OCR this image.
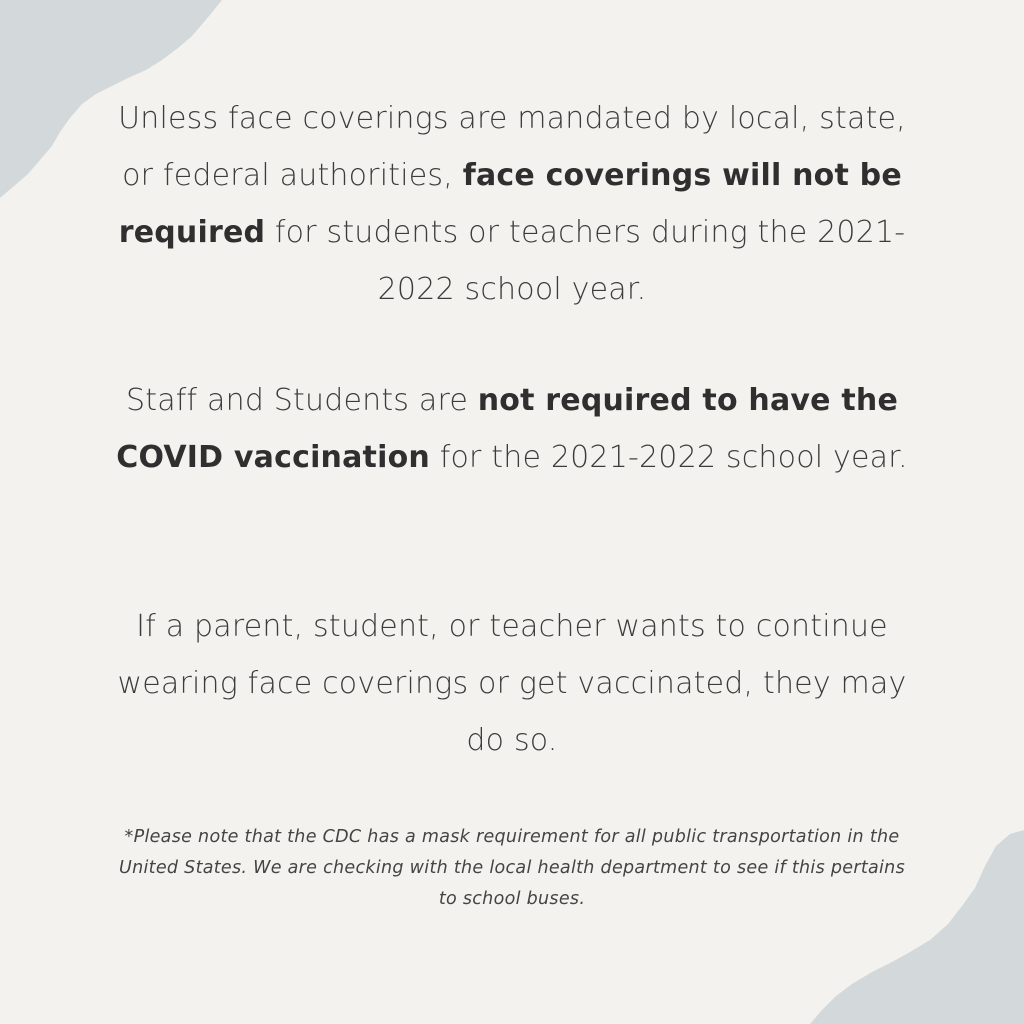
Unless face coverings are mandated by local, state, or federal authorities, face coverings will not be required for students or teachers during the 2021-2022 school year.
Staff and Students are not required to have the COVID vaccination for the 2021-2022 school year.
If a parent, student, or teacher wants to continue wearing face coverings or get vaccinated, they may do so.
*Please note that the CDC has a mask requirement for all public transportation in the United States. We are checking with the local health department to see if this pertains to school buses.
